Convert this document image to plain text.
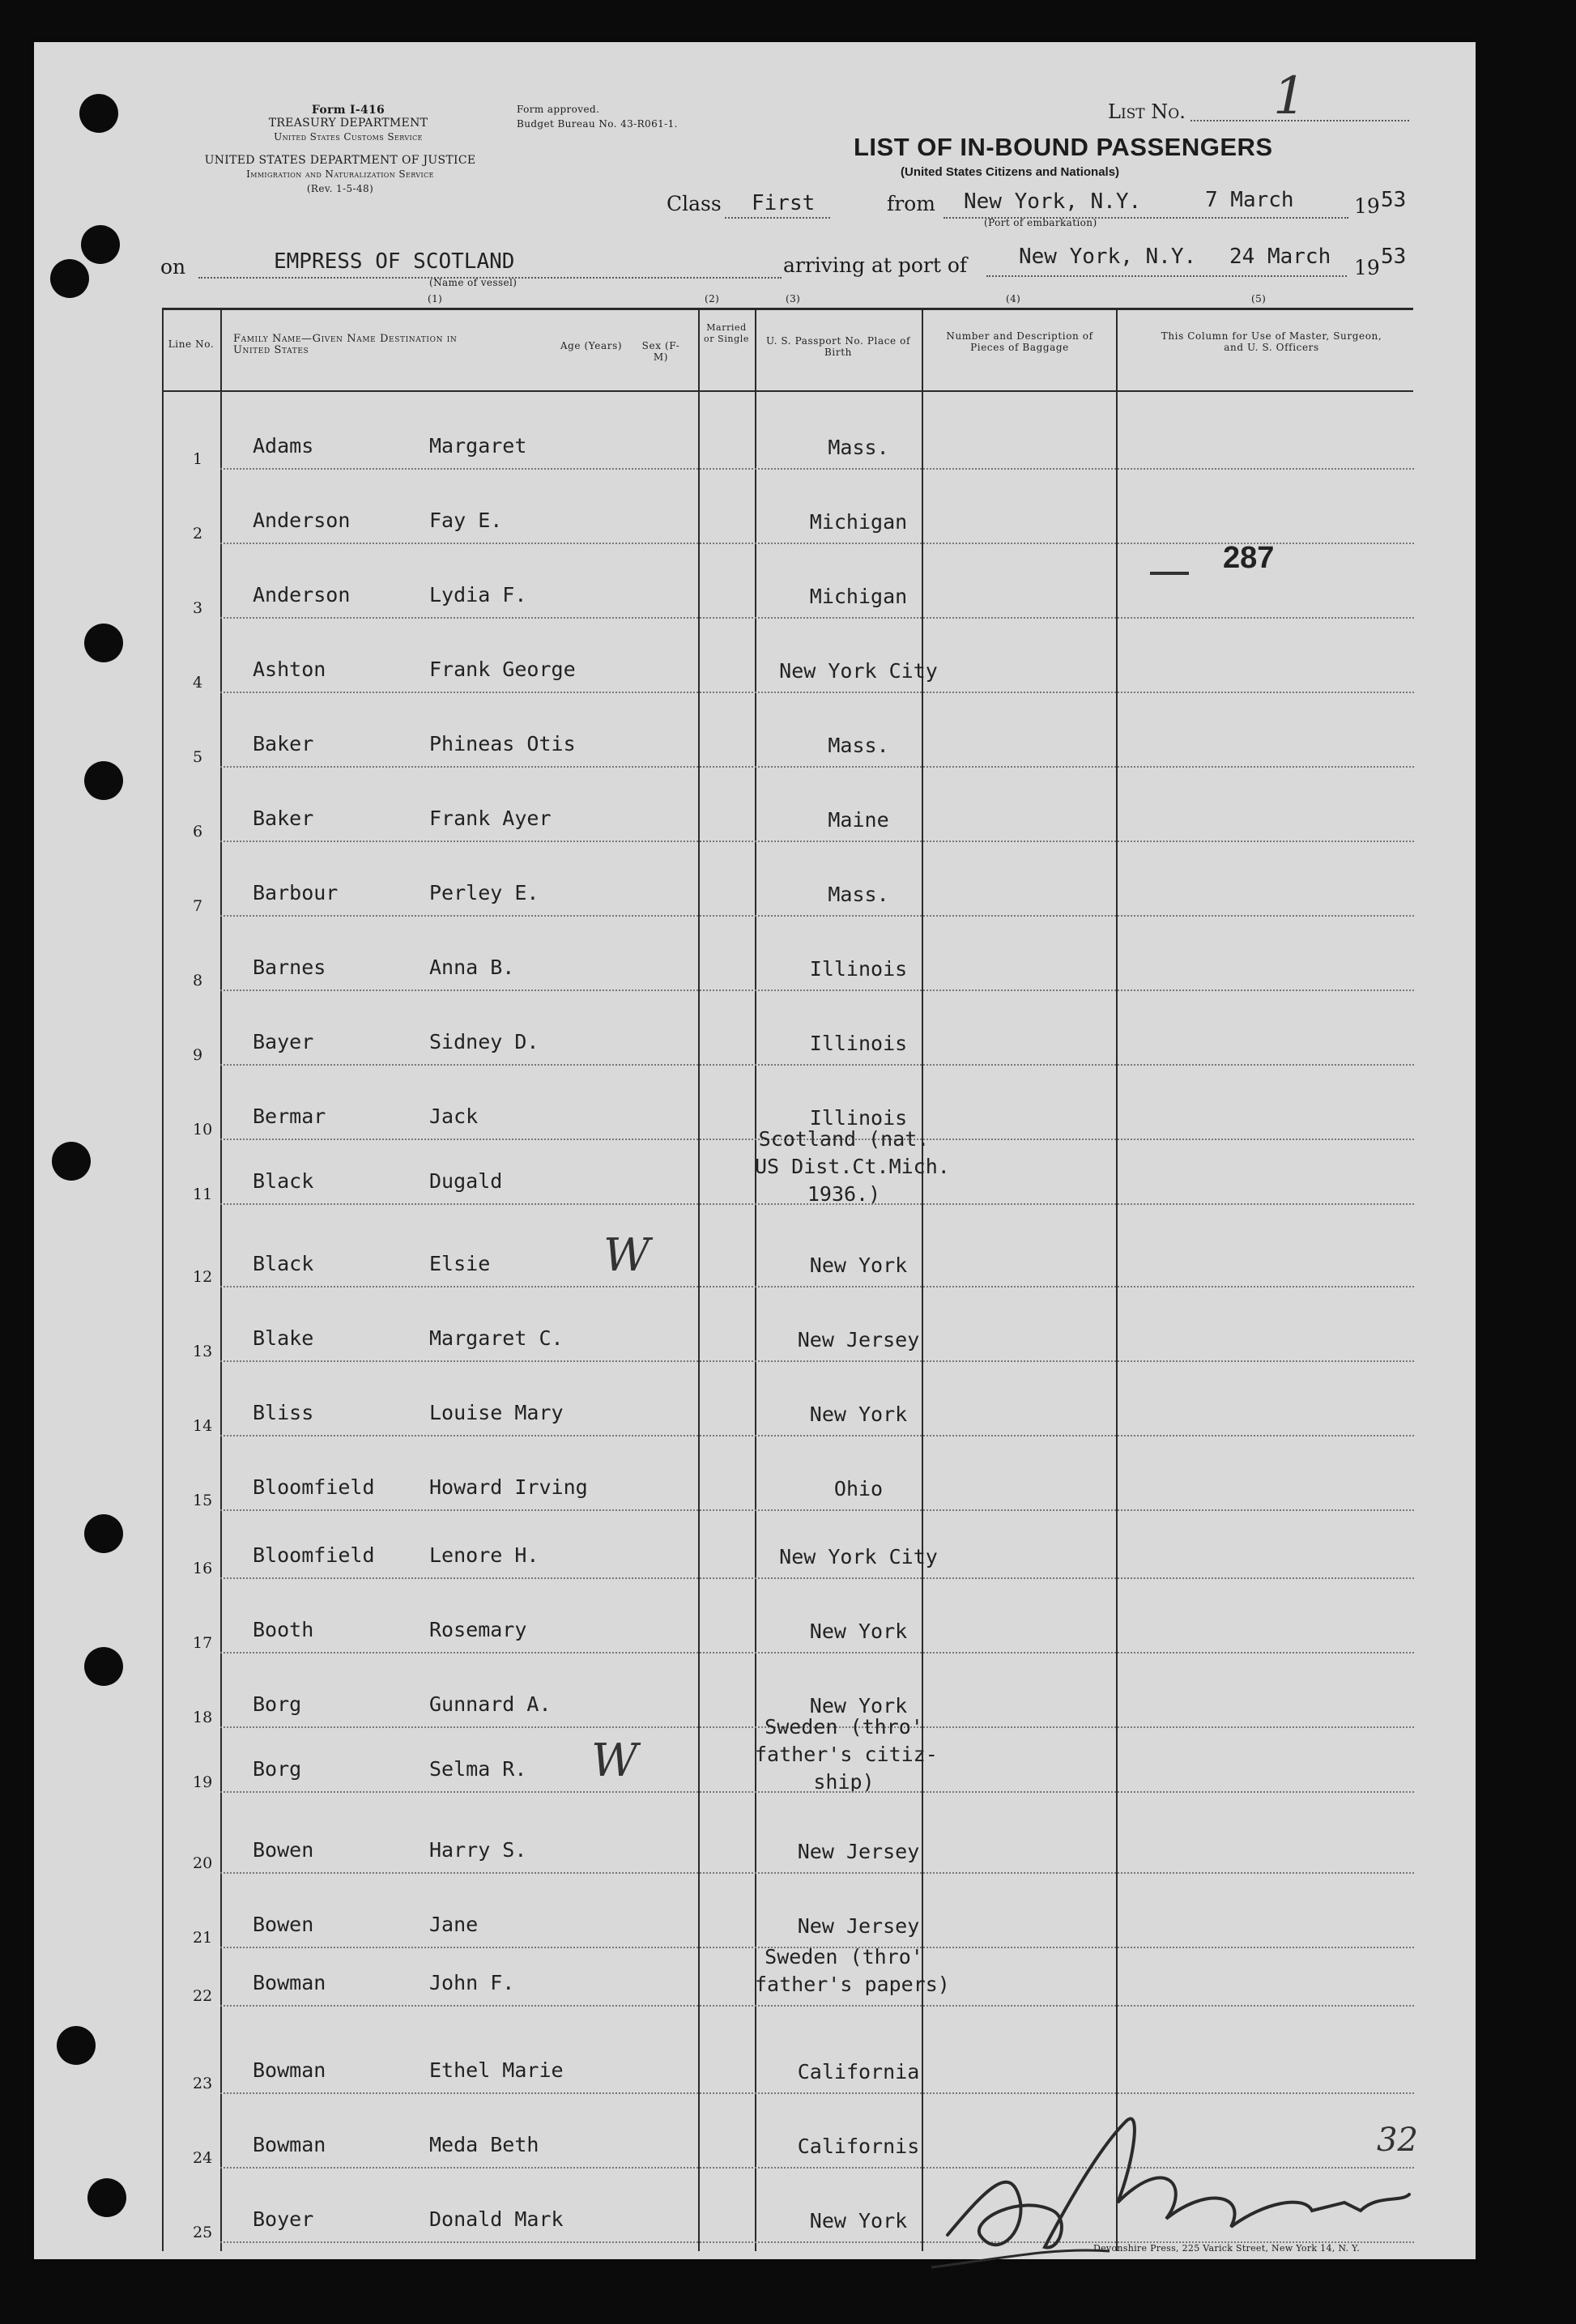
Form I-416
TREASURY DEPARTMENT
United States Customs Service
UNITED STATES DEPARTMENT OF JUSTICE
Immigration and Naturalization Service
(Rev. 1-5-48)
Form approved.
Budget Bureau No. 43-R061-1.
List No. 1
LIST OF IN-BOUND PASSENGERS
(United States Citizens and Nationals)
Class First	from New York, N.Y.	7 March
(Port of embarkation)
19 53
on	EMPRESS OF SCOTLAND
(Name of vessel)
arriving at port of New York, N.Y. 24 March 19 53
(1)	(2)	(3)	(4)	(5)
Line No. Family Name—Given Name Destination in United States	Age (Years)	Sex (F-M)
Married or Single	U. S. Passport No. Place of Birth
Number and Description of Pieces of Baggage
This Column for Use of Master, Surgeon, and U. S. Officers
1
Adams	Margaret	Mass.
2
Anderson	Fay E.	Michigan
3
Anderson	Lydia F.	Michigan
4
Ashton	Frank George	New York City
5
Baker	Phineas Otis	Mass.
6
Baker	Frank Ayer	Maine
7
Barbour	Perley E.	Mass.
8
Barnes	Anna B.	Illinois
9
Bayer	Sidney D.	Illinois
10
Bermar	Jack	Illinois
11
Black	Dugald
Scotland (nat.
US Dist.Ct.Mich.
1936.)
12
Black	Elsie	New York
W
13
Blake	Margaret C.	New Jersey
14
Bliss	Louise Mary	New York
15
Bloomfield	Howard Irving	Ohio
16
Bloomfield	Lenore H.	New York City
17
Booth	Rosemary	New York
18
Borg	Gunnard A.	New York
19
Borg	Selma R.
Sweden (thro'
father's citiz-
ship)
W
20
Bowen	Harry S.	New Jersey
21
Bowen	Jane	New Jersey
22
Bowman	John F.
Sweden (thro'
father's papers)
23
Bowman	Ethel Marie	California
24
Bowman	Meda Beth	Californis
25
Boyer	Donald Mark	New York
287
32
Devonshire Press, 225 Varick Street, New York 14, N. Y.
